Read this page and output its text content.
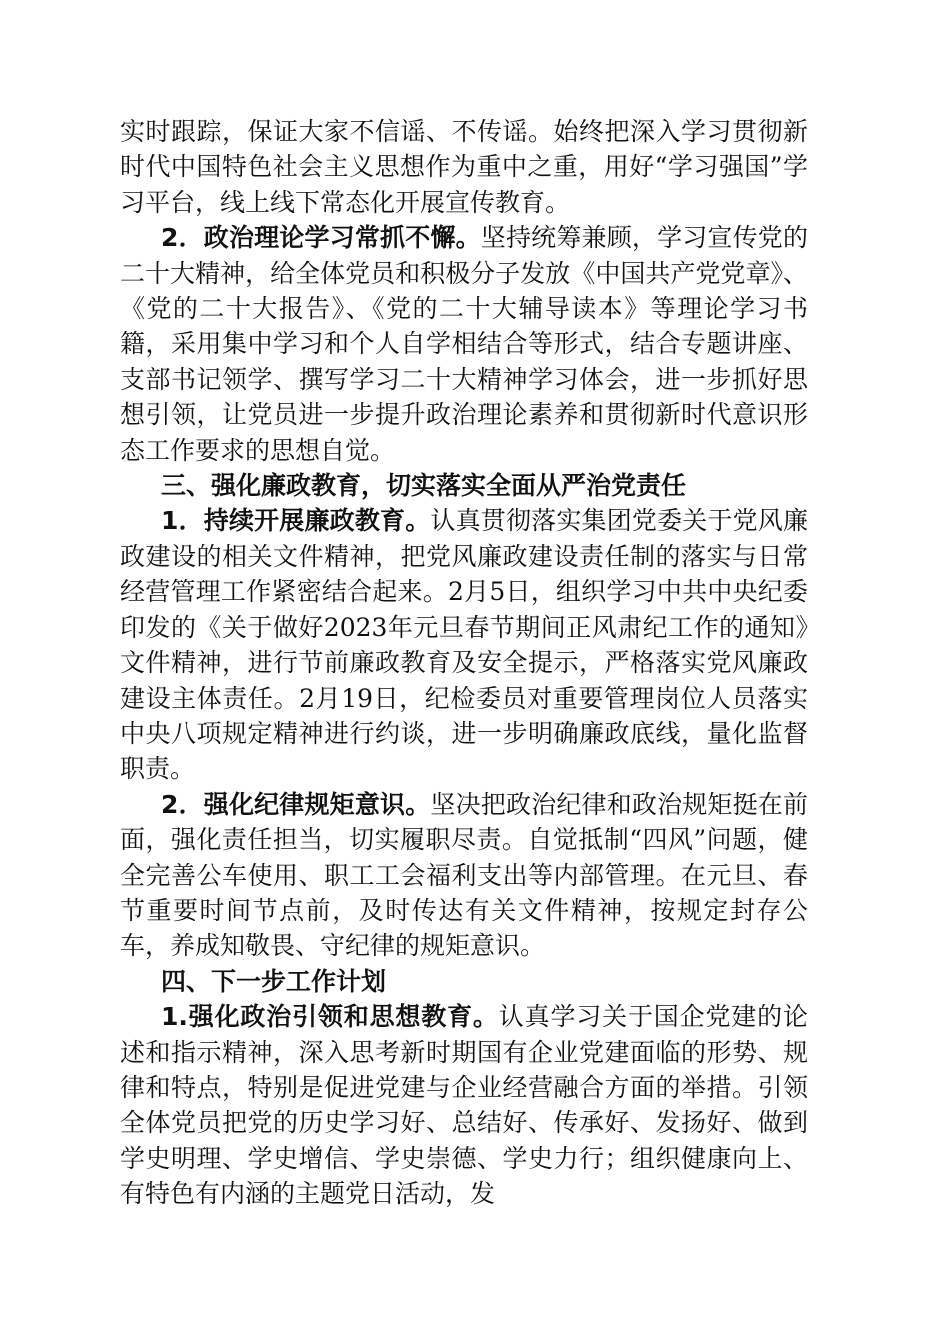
实时跟踪，保证大家不信谣、不传谣。始终把深入学习贯彻新时代中国特色社会主义思想作为重中之重，用好“学习强国”学习平台，线上线下常态化开展宣传教育。

2．政治理论学习常抓不懈。坚持统筹兼顾，学习宣传党的二十大精神，给全体党员和积极分子发放《中国共产党党章》、《党的二十大报告》、《党的二十大辅导读本》等理论学习书籍，采用集中学习和个人自学相结合等形式，结合专题讲座、支部书记领学、撰写学习二十大精神学习体会，进一步抓好思想引领，让党员进一步提升政治理论素养和贯彻新时代意识形态工作要求的思想自觉。

三、强化廉政教育，切实落实全面从严治党责任

1．持续开展廉政教育。认真贯彻落实集团党委关于党风廉政建设的相关文件精神，把党风廉政建设责任制的落实与日常经营管理工作紧密结合起来。2月5日，组织学习中共中央纪委印发的《关于做好2023年元旦春节期间正风肃纪工作的通知》文件精神，进行节前廉政教育及安全提示，严格落实党风廉政建设主体责任。2月19日，纪检委员对重要管理岗位人员落实中央八项规定精神进行约谈，进一步明确廉政底线，量化监督职责。

2．强化纪律规矩意识。坚决把政治纪律和政治规矩挺在前面，强化责任担当，切实履职尽责。自觉抵制“四风”问题，健全完善公车使用、职工工会福利支出等内部管理。在元旦、春节重要时间节点前，及时传达有关文件精神，按规定封存公车，养成知敬畏、守纪律的规矩意识。

四、下一步工作计划

1.强化政治引领和思想教育。认真学习关于国企党建的论述和指示精神，深入思考新时期国有企业党建面临的形势、规律和特点，特别是促进党建与企业经营融合方面的举措。引领全体党员把党的历史学习好、总结好、传承好、发扬好、做到学史明理、学史增信、学史崇德、学史力行；组织健康向上、有特色有内涵的主题党日活动，发
